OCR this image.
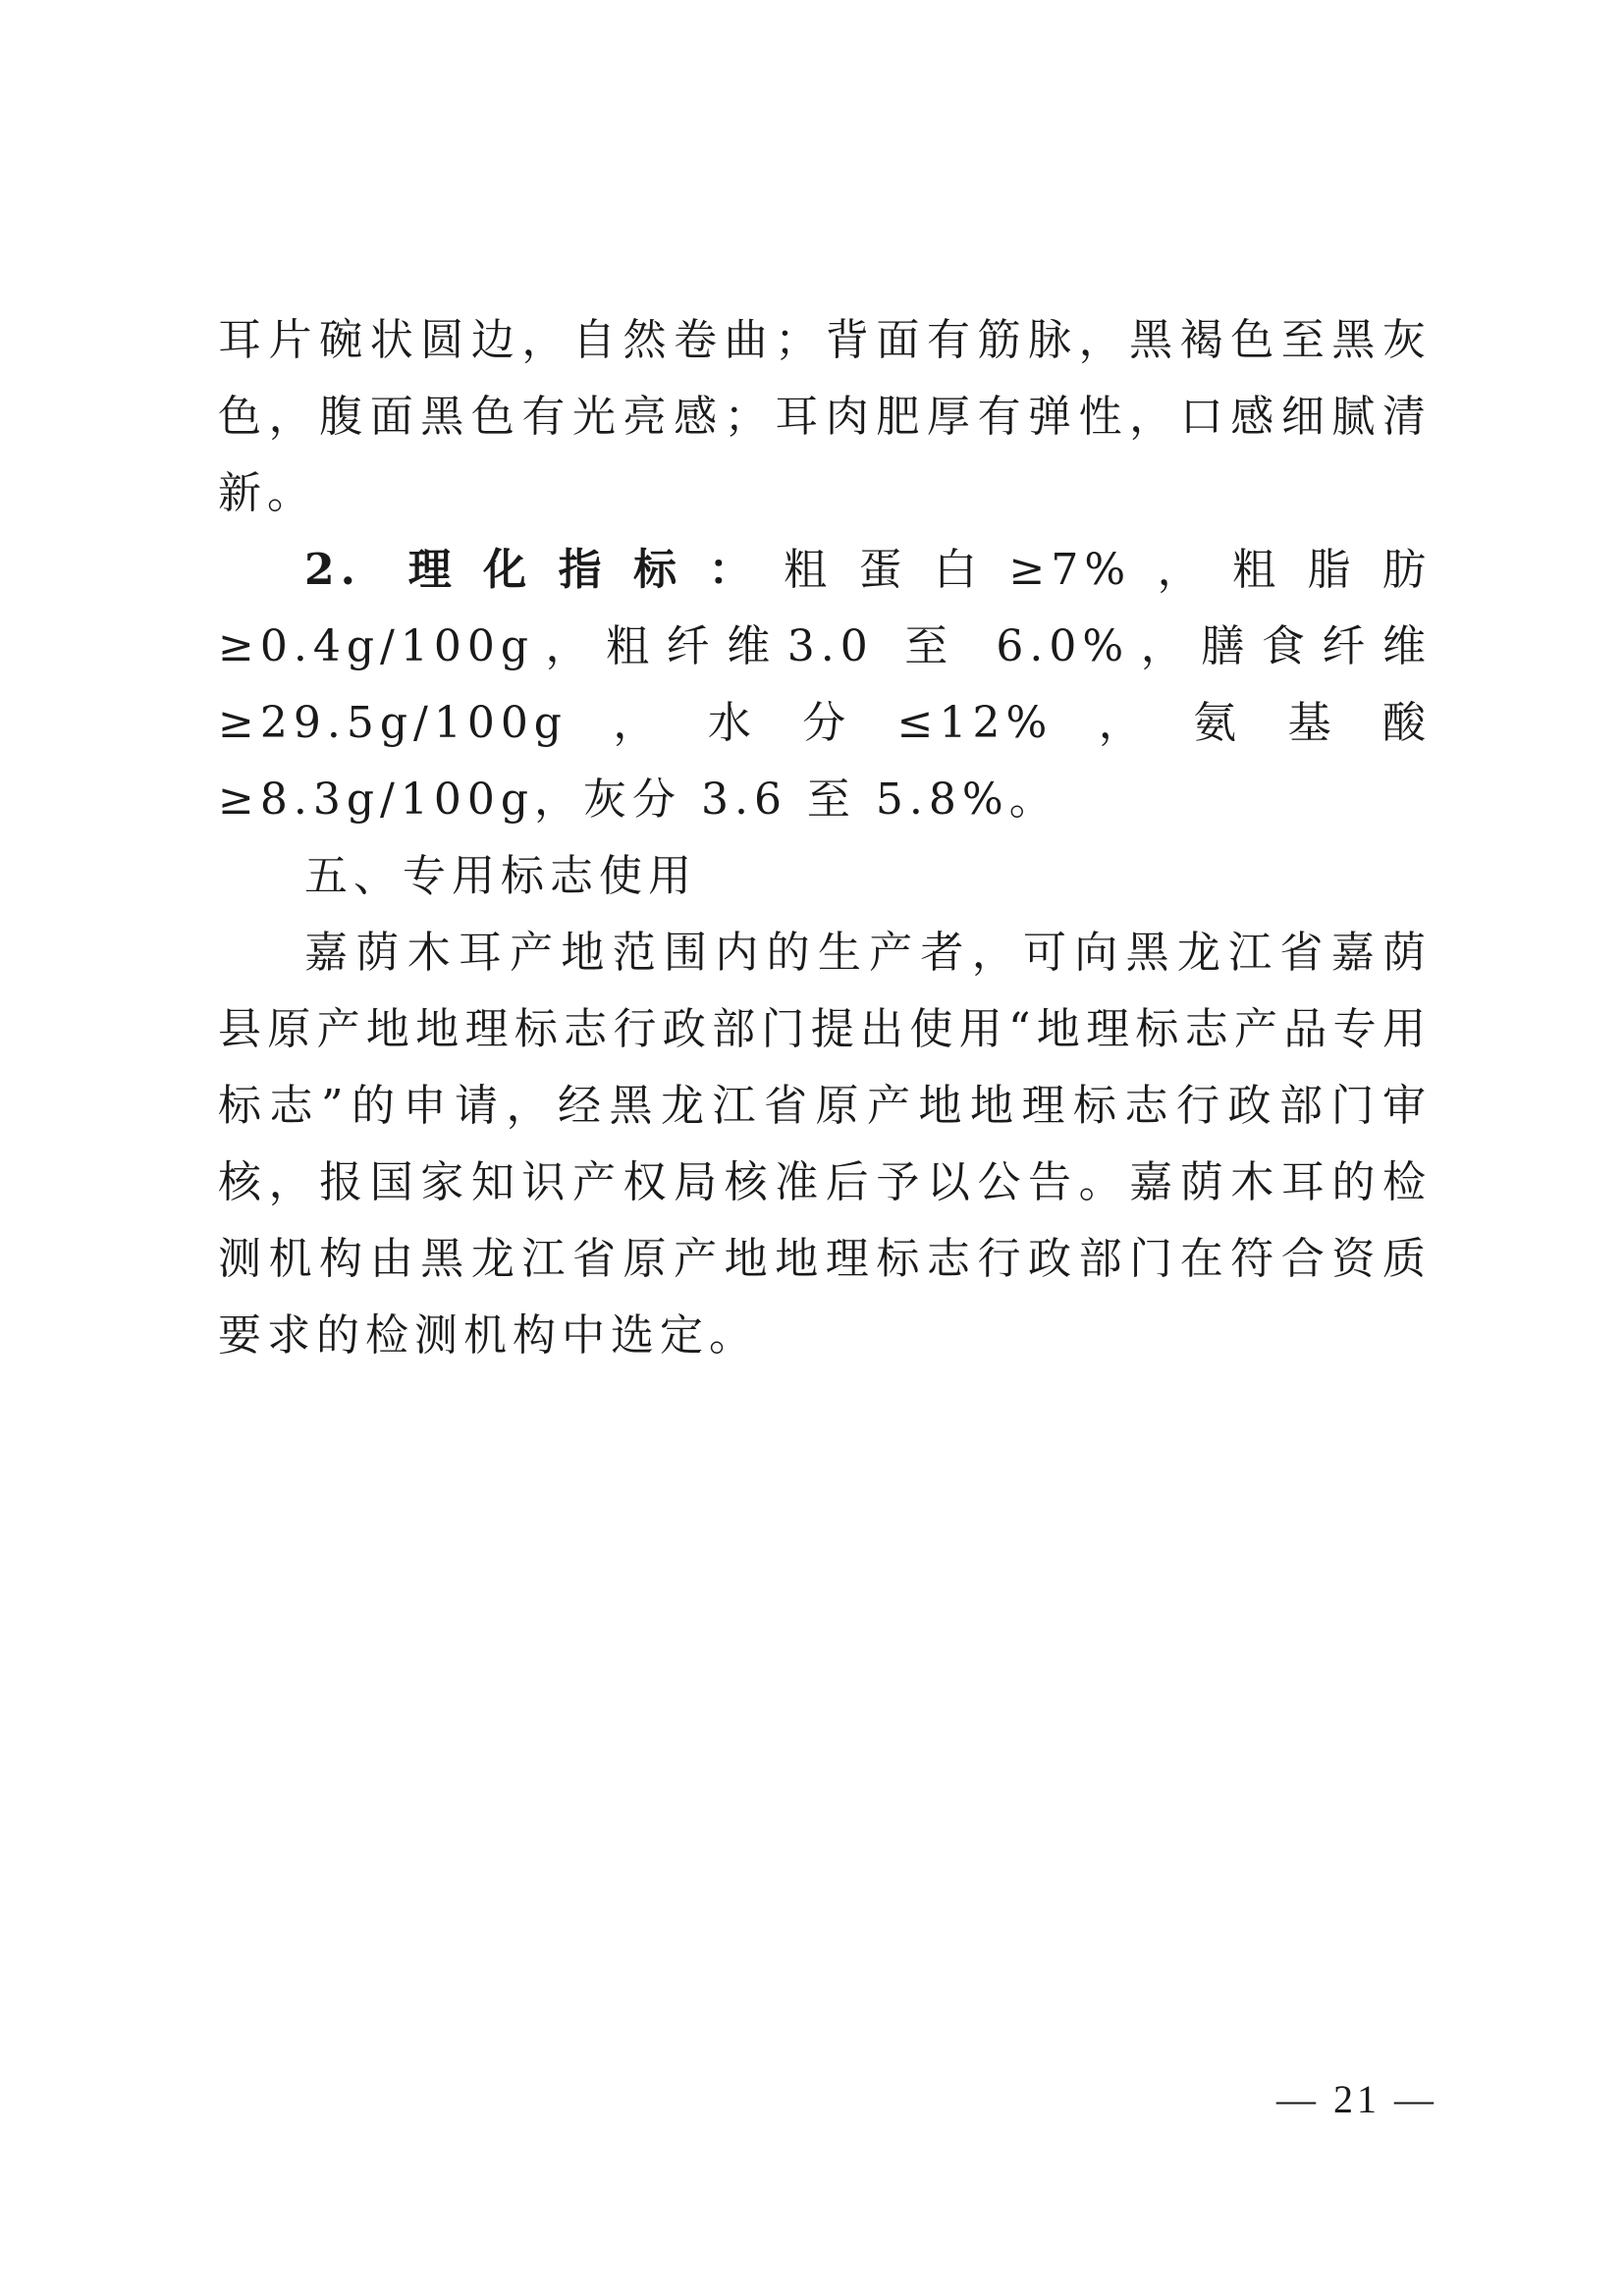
耳片碗状圆边，自然卷曲；背面有筋脉，黑褐色至黑灰色，腹面黑色有光亮感；耳肉肥厚有弹性，口感细腻清新。

2. 理化指标：粗蛋白≥7%，粗脂肪≥0.4g/100g，粗纤维3.0 至 6.0%，膳食纤维≥29.5g/100g，水分≤12%，氨基酸≥8.3g/100g，灰分 3.6 至 5.8%。

五、专用标志使用

嘉荫木耳产地范围内的生产者，可向黑龙江省嘉荫县原产地地理标志行政部门提出使用“地理标志产品专用标志”的申请，经黑龙江省原产地地理标志行政部门审核，报国家知识产权局核准后予以公告。嘉荫木耳的检测机构由黑龙江省原产地地理标志行政部门在符合资质要求的检测机构中选定。

— 21 —
